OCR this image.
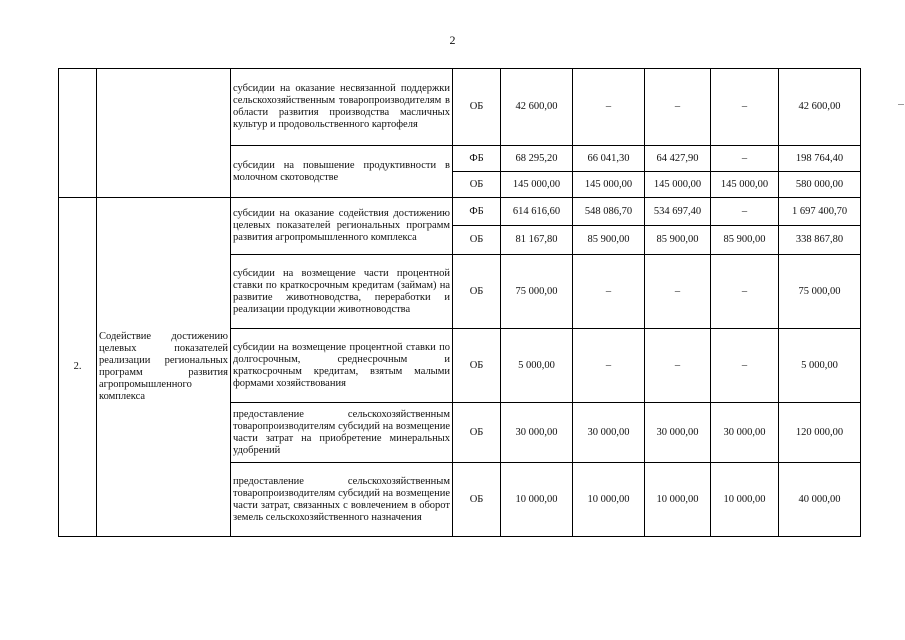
2
		субсидии на оказание несвязанной поддержки сельскохозяйственным товаропроизводителям в области развития производства масличных культур и продовольственного картофеля	ОБ	42 600,00	–	–	–	42 600,00
		субсидии на повышение продуктивности в молочном скотоводстве	ФБ	68 295,20	66 041,30	64 427,90	–	198 764,40
			ОБ	145 000,00	145 000,00	145 000,00	145 000,00	580 000,00
2.	Содействие достижению целевых показателей реализации региональных программ развития агропромышленного комплекса	субсидии на оказание содействия достижению целевых показателей региональных программ развития агропромышленного комплекса	ФБ	614 616,60	548 086,70	534 697,40	–	1 697 400,70
			ОБ	81 167,80	85 900,00	85 900,00	85 900,00	338 867,80
		субсидии на возмещение части процентной ставки по краткосрочным кредитам (займам) на развитие животноводства, переработки и реализации продукции животноводства	ОБ	75 000,00	–	–	–	75 000,00
		субсидии на возмещение процентной ставки по долгосрочным, среднесрочным и краткосрочным кредитам, взятым малыми формами хозяйствования	ОБ	5 000,00	–	–	–	5 000,00
		предоставление сельскохозяйственным товаропроизводителям субсидий на возмещение части затрат на приобретение минеральных удобрений	ОБ	30 000,00	30 000,00	30 000,00	30 000,00	120 000,00
		предоставление сельскохозяйственным товаропроизводителям субсидий на возмещение части затрат, связанных с вовлечением в оборот земель сельскохозяйственного назначения	ОБ	10 000,00	10 000,00	10 000,00	10 000,00	40 000,00
